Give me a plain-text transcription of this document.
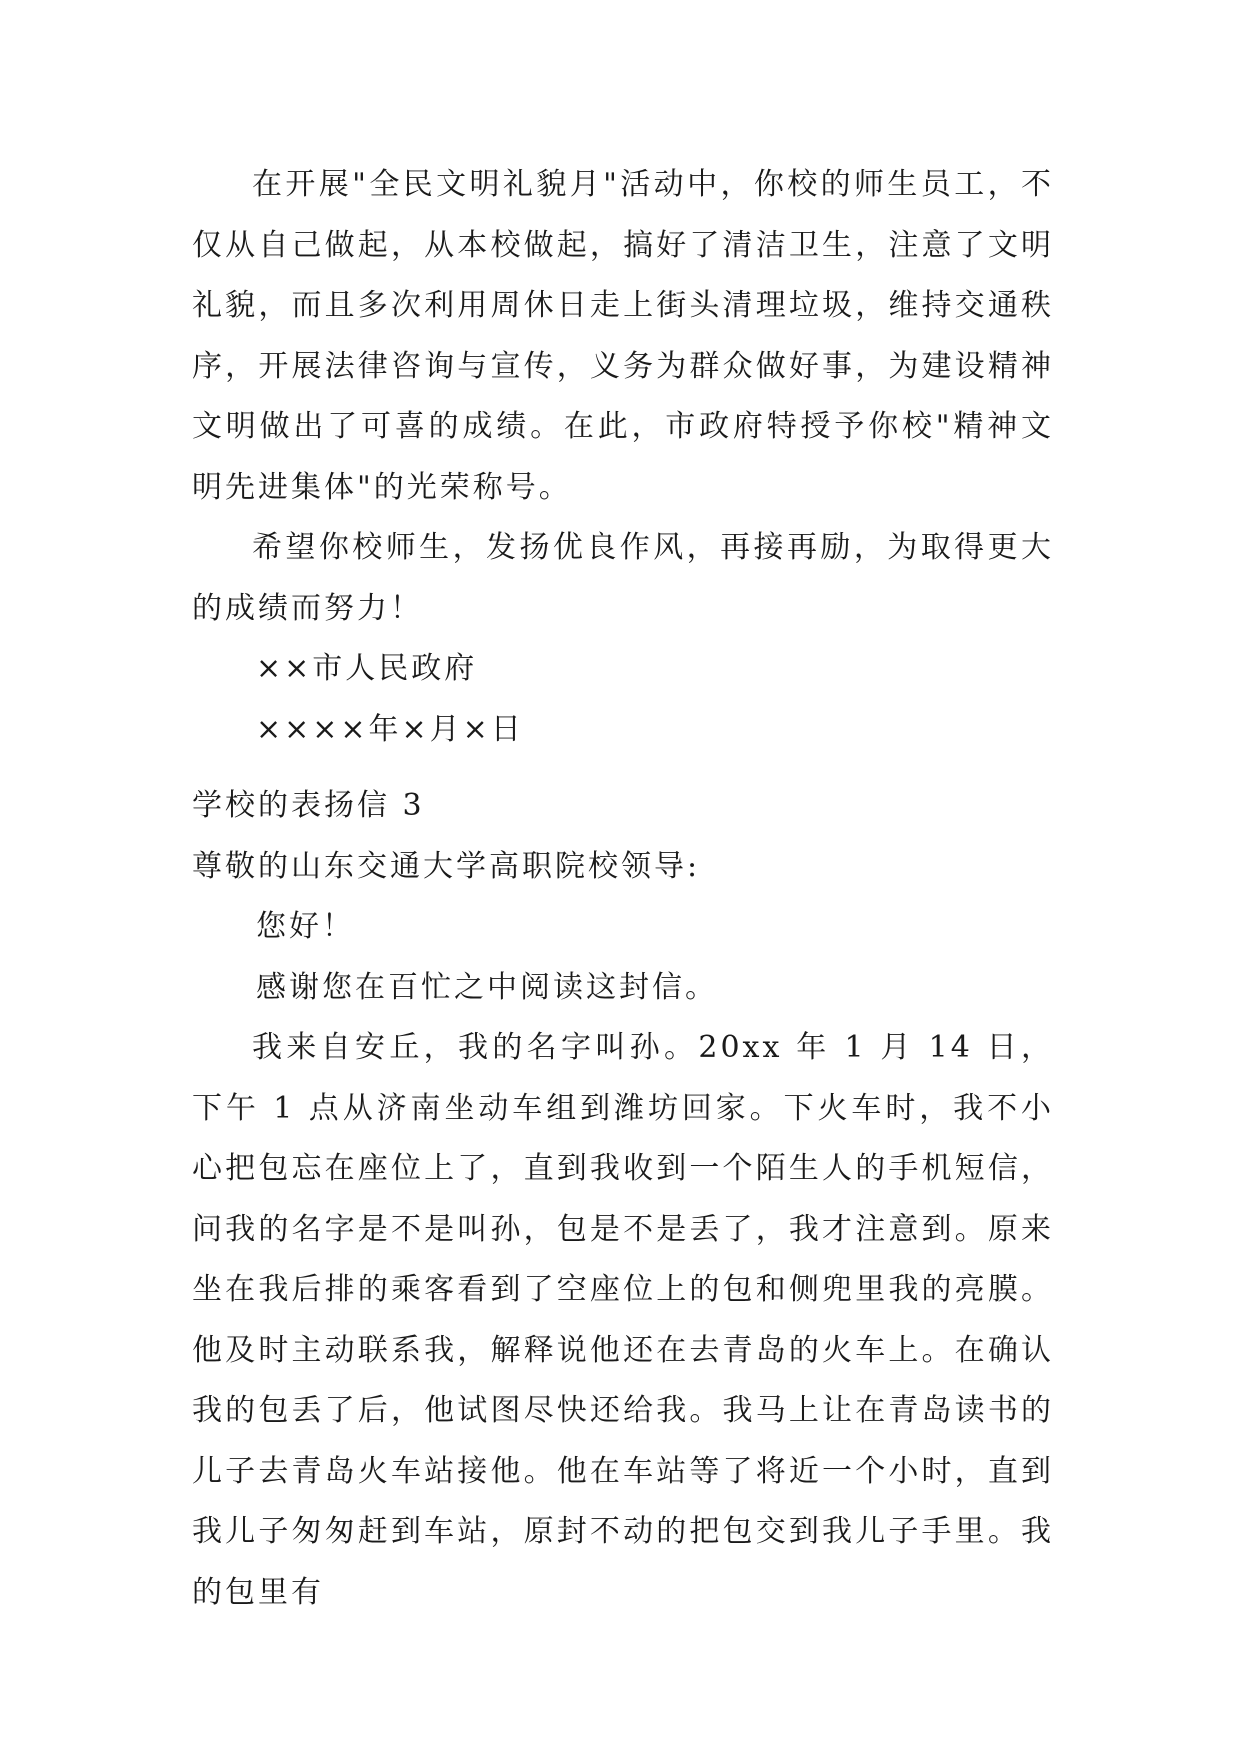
在开展"全民文明礼貌月"活动中，你校的师生员工，不仅从自己做起，从本校做起，搞好了清洁卫生，注意了文明礼貌，而且多次利用周休日走上街头清理垃圾，维持交通秩序，开展法律咨询与宣传，义务为群众做好事，为建设精神文明做出了可喜的成绩。在此，市政府特授予你校"精神文明先进集体"的光荣称号。

希望你校师生，发扬优良作风，再接再励，为取得更大的成绩而努力！

××市人民政府

××××年×月×日

学校的表扬信 3

尊敬的山东交通大学高职院校领导:

您好！

感谢您在百忙之中阅读这封信。

我来自安丘，我的名字叫孙。20xx 年 1 月 14 日，下午 1 点从济南坐动车组到潍坊回家。下火车时，我不小心把包忘在座位上了，直到我收到一个陌生人的手机短信，问我的名字是不是叫孙，包是不是丢了，我才注意到。原来坐在我后排的乘客看到了空座位上的包和侧兜里我的亮膜。他及时主动联系我，解释说他还在去青岛的火车上。在确认我的包丢了后，他试图尽快还给我。我马上让在青岛读书的儿子去青岛火车站接他。他在车站等了将近一个小时，直到我儿子匆匆赶到车站，原封不动的把包交到我儿子手里。我的包里有
